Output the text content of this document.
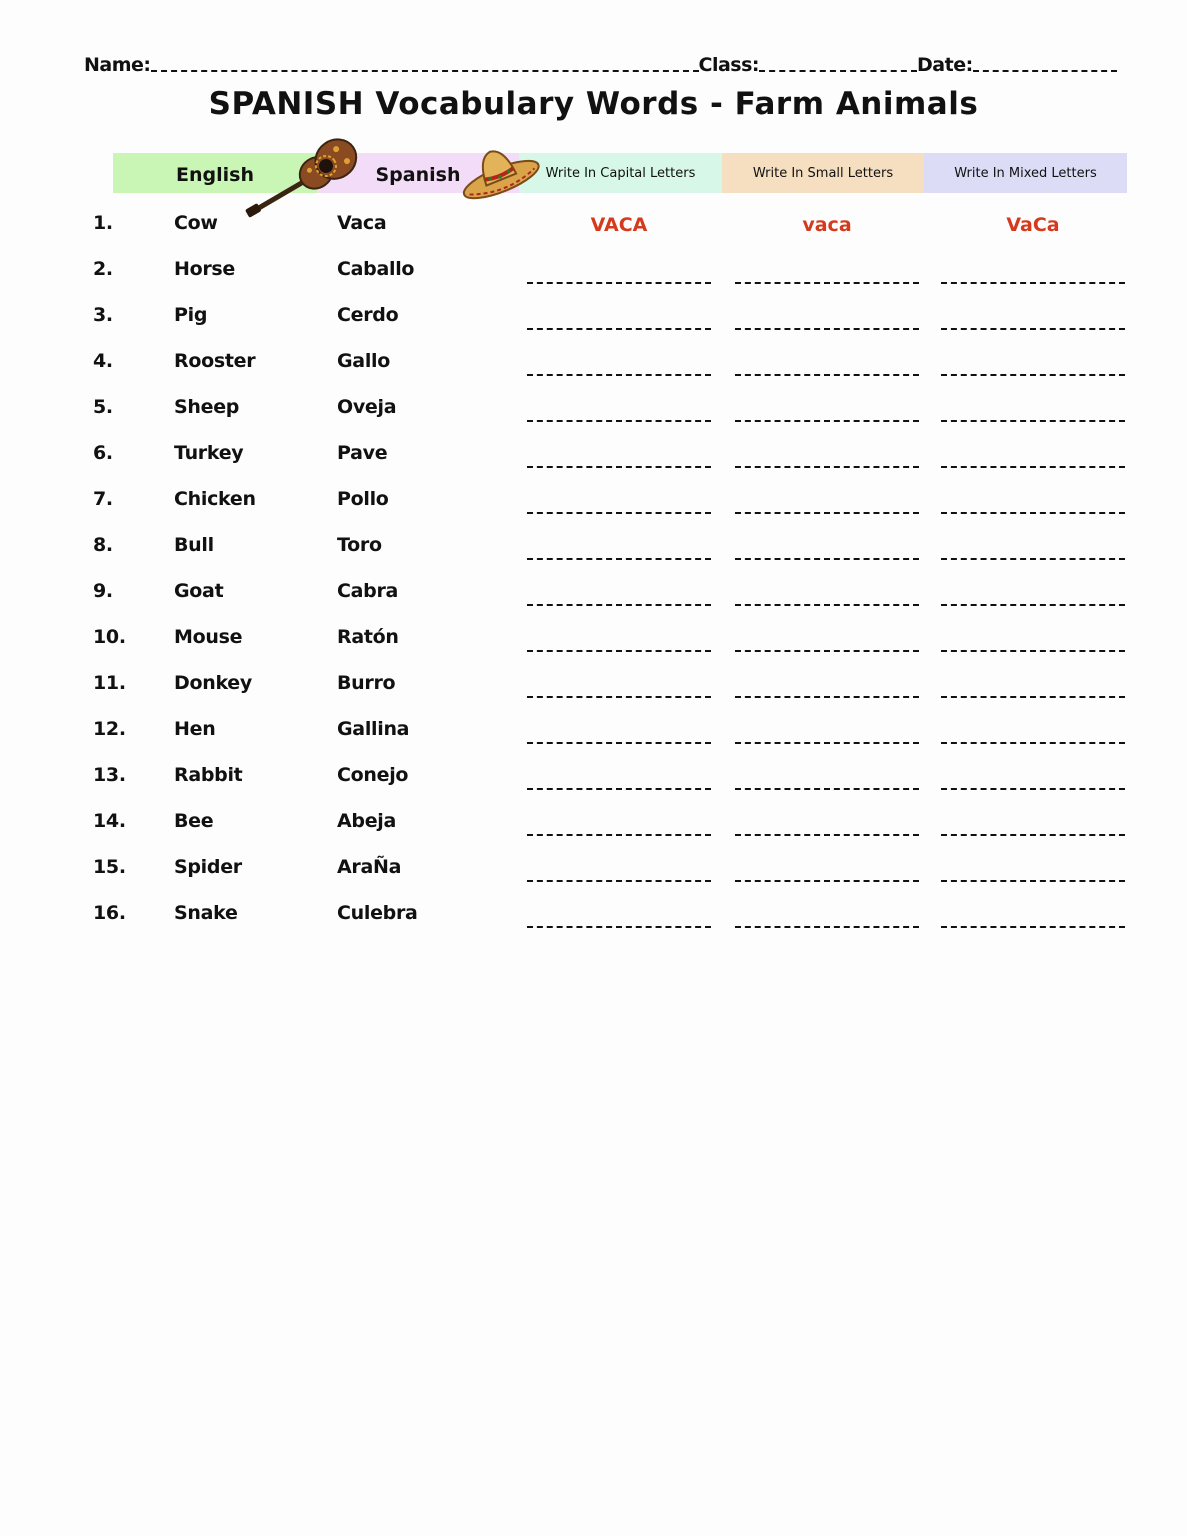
Name:	Class:	Date:
SPANISH Vocabulary Words - Farm Animals
English	Spanish	Write In Capital Letters	Write In Small Letters	Write In Mixed Letters
1.	Cow	Vaca	VACA	vaca	VaCa
2.	Horse	Caballo
3.	Pig	Cerdo
4.	Rooster	Gallo
5.	Sheep	Oveja
6.	Turkey	Pave
7.	Chicken	Pollo
8.	Bull	Toro
9.	Goat	Cabra
10.	Mouse	Ratón
11.	Donkey	Burro
12.	Hen	Gallina
13.	Rabbit	Conejo
14.	Bee	Abeja
15.	Spider	AraÑa
16.	Snake	Culebra
